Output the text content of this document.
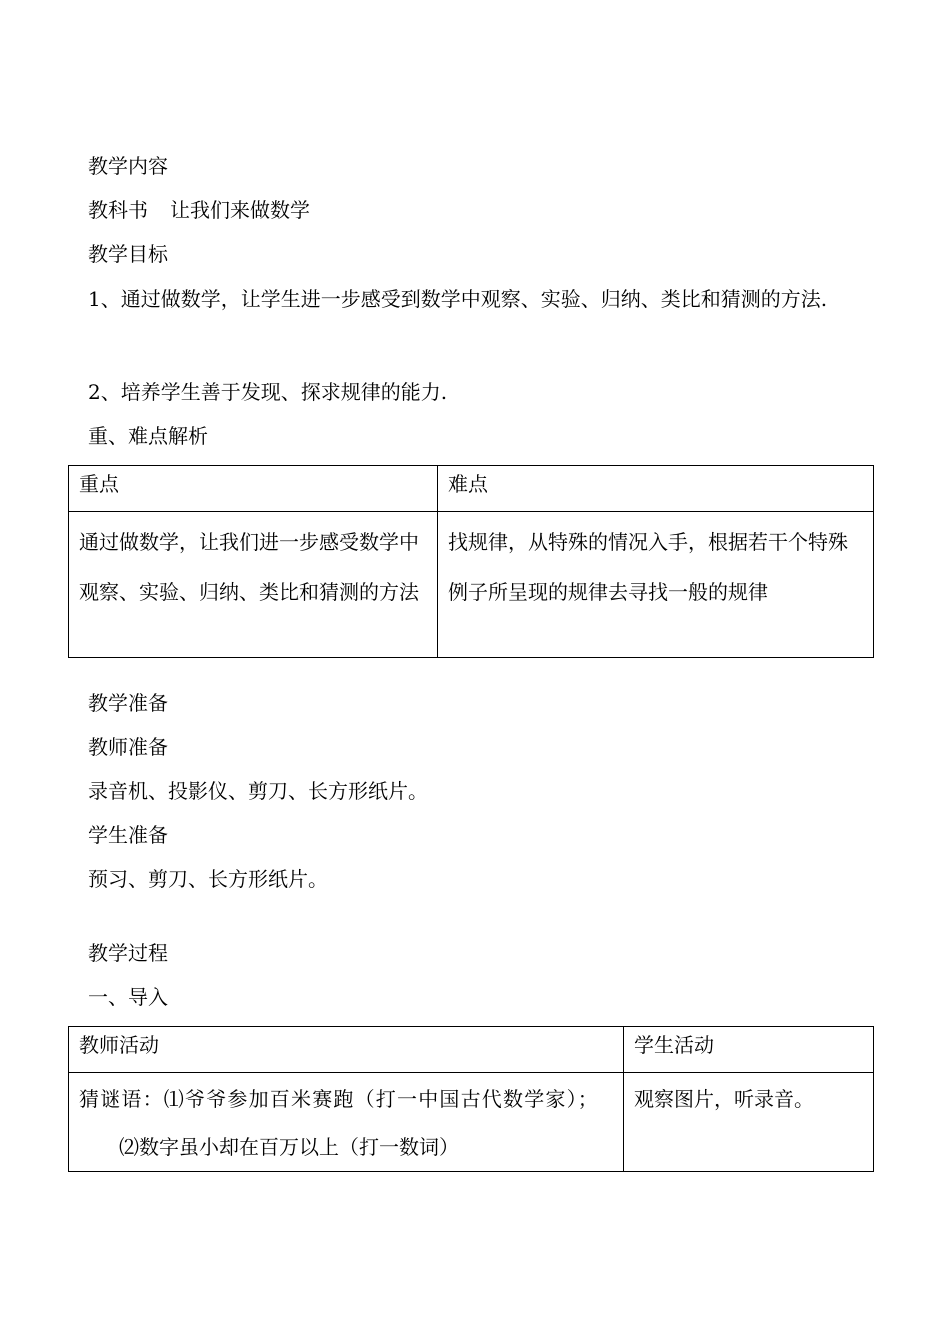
教学内容
教科书 让我们来做数学
教学目标
1、通过做数学，让学生进一步感受到数学中观察、实验、归纳、类比和猜测的方法.
2、培养学生善于发现、探求规律的能力.
重、难点解析
重点	难点
通过做数学，让我们进一步感受数学中观察、实验、归纳、类比和猜测的方法	找规律，从特殊的情况入手，根据若干个特殊例子所呈现的规律去寻找一般的规律
教学准备
教师准备
录音机、投影仪、剪刀、长方形纸片。
学生准备
预习、剪刀、长方形纸片。
教学过程
一、导入
教师活动	学生活动
猜谜语：⑴爷爷参加百米赛跑（打一中国古代数学家）；⑵数字虽小却在百万以上（打一数词）	观察图片，听录音。
